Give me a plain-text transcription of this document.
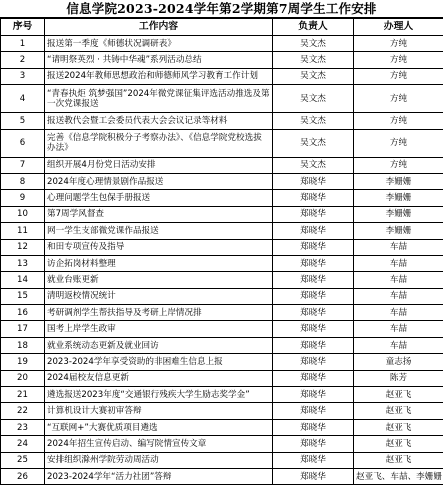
信息学院2023-2024学年第2学期第7周学生工作安排
序号	工作内容	负责人	办理人
1	报送第一季度《师德状况调研表》	吴文杰	方纯
2	“请明祭英烈 · 共铸中华魂”系列活动总结	吴文杰	方纯
3	报送2024年教师思想政治和师德师风学习教育工作计划	吴文杰	方纯
4	“青春执炬 筑梦强国”2024年微党课征集评选活动推选及第一次党课报送	吴文杰	方纯
5	报送教代会暨工会委员代表大会会议记录等材料	吴文杰	方纯
6	完善《信息学院积极分子考察办法》、《信息学院党校选拔办法》	吴文杰	方纯
7	组织开展4月份党日活动安排	吴文杰	方纯
8	2024年度心理情景剧作品报送	郑晓华	李姗姗
9	心理问题学生包保手册报送	郑晓华	李姗姗
10	第7周学风督查	郑晓华	李姗姗
11	网一学生支部微党课作品报送	郑晓华	李姗姗
12	和田专项宣传及指导	郑晓华	车喆
13	访企拓岗材料整理	郑晓华	车喆
14	就业台账更新	郑晓华	车喆
15	清明返校情况统计	郑晓华	车喆
16	考研调剂学生帮扶指导及考研上岸情况排	郑晓华	车喆
17	国考上岸学生政审	郑晓华	车喆
18	就业系统动态更新及就业回访	郑晓华	车喆
19	2023-2024学年享受资助的非困难生信息上报	郑晓华	童志扬
20	2024届校友信息更新	郑晓华	陈芳
21	遴选报送2023年度“交通银行残疾大学生励志奖学金”	郑晓华	赵亚飞
22	计算机设计大赛初审答辩	郑晓华	赵亚飞
23	“互联网+”大赛优质项目遴选	郑晓华	赵亚飞
24	2024年招生宣传启动、编写院情宣传文章	郑晓华	赵亚飞
25	安排组织滁州学院劳动周活动	郑晓华	赵亚飞
26	2023-2024学年“活力社团”答辩	郑晓华	赵亚飞、车喆、李姗姗
